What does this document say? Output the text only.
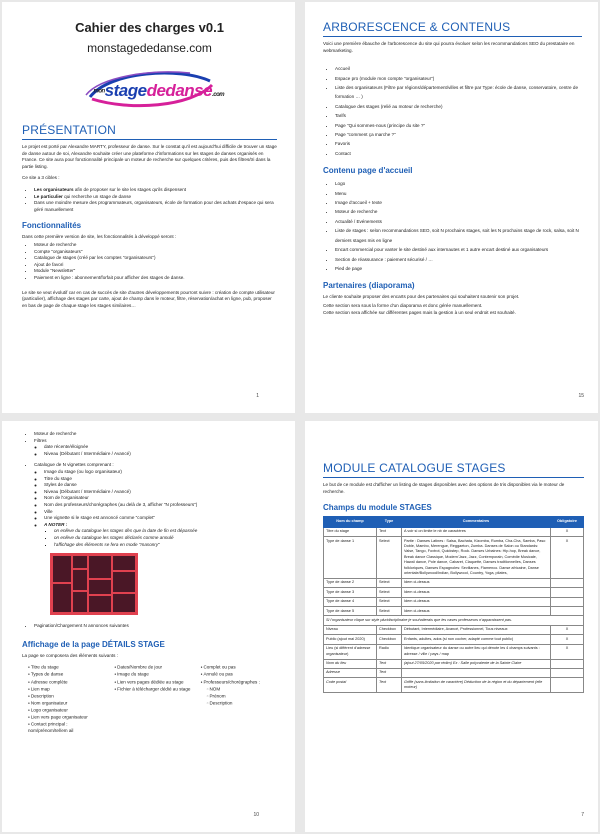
Cahier des charges v0.1
monstagededanse.com
monstagededanse.com
PRÉSENTATION

Le projet est porté par Alexandre MARTY, professeur de danse. Sur le constat qu'il est aujourd'hui difficile de trouver un stage de danse autour de soi, Alexandre souhaite créer une plateforme d'informations sur les stages de danses organisés en France. Ce site aura pour fonctionnalité principale un moteur de recherche sur quelques critères, puis des filtres/tri dans la partie listing.

Ce site a 3 cibles :

• Les organisateurs afin de proposer sur le site les stages qu'ils dispensent
• Le particulier qui recherche un stage de danse
• Dans une moindre mesure des programmateurs, organisateurs, école de formation pour des achats d'espace qui sera géré manuellement
Fonctionnalités

Dans cette première version de site, les fonctionnalités à développé seront :

• Moteur de recherche
• Compte "organisateurs"
• Catalogue de stages (créé par les comptes "organisateurs")
• Ajout de favori
• Module "Newsletter"
• Paiement en ligne : abonnement/forfait pour afficher des stages de danse.

Le site se veut évolutif car en cas de succès de site d'autres développements pourront suivre : création de compte utilisateur (particulier), affichage des stages par carte, ajout de champ dans le moteur, filtre, réservation/achat en ligne, pub, proposer en bas de page de chaque stage les stages similaires…

1
ARBORESCENCE & CONTENUS

Voici une première ébauche de l'arborescence du site qui pourra évoluer selon les recommandations SEO du prestataire en webmarketing.

• Accueil
• Espace pro (module mon compte "organisateur")
• Liste des organisateurs (Filtre par régions/département/villes et filtre par Type: école de danse, conservatoire, centre de formation … )
• Catalogue des stages (relié au moteur de recherche)
• Tarifs
• Page "Qui sommes-nous (principe du site ?"
• Page "comment ça marche ?"
• Favoris
• Contact
Contenu page d'accueil
• Logo
• Menu
• Image d'accueil + texte
• Moteur de recherche
• Actualité / Evénements
• Liste de stages : selon recommandations SEO, soit N prochains stages, soit les N prochains stage de rock, salsa, soit N derniers stages mis en ligne
• Encart commercial pour vanter le site destiné aux internautes et 1 autre encart destiné aux organisateurs
• Section de réassurance : paiement sécurisé / …
• Pied de page
Partenaires (diaporama)

Le cliente souhaite proposer des encarts pour des partenaires qui souhaitent soutenir son projet.

Cette section sera sous la forme d'un diaporama et donc gérée manuellement.

Cette section sera affichée sur différentes pages mais la gestion à un seul endroit est souhaité.

15
• Moteur de recherche
• Filtres
◦ date récente/éloignée
◦ Niveau (Débutant / Intermédiaire / Avancé)
• Catalogue de N vignettes comprenant :
◦ Image du stage (ou logo organisateur)
◦ Titre du stage
◦ Styles de danse
◦ Niveau (Débutant / Intermédiaire / Avancé)
◦ Nom de l'organisateur
◦ Nom des professeurs/chorégraphes (au delà de 3, afficher "N professeurs")
◦ Ville
◦ Une vignette si le stage est annoncé comme "complet"
◦ A NOTER :
▪ on enlève du catalogue les stages dès que la date de fin est dépassée
▪ on enlève du catalogue les stages déclarés comme annulé
▪ l'affichage des éléments se fera en mode "masonry"
• Pagination/Chargement N annonces suivantes
Affichage de la page DÉTAILS STAGE

La page se composera des éléments suivants :

● Titre du stage
● Types de danse
● Adresse complète
● Lien map
● Description
● Nom organisateur
● Logo organisateur
● Lien vers page organisateur
● Contact principal : nom/prénom/tel/em ail
● Dates/Nombre de jour
● Image du stage
● Lien vers pages dédiée au stage
● Fichier à télécharger dédié au stage
● Complet ou pas
● Annulé ou pas
● Professeurs/chorégraphes :
○ NOM
○ Prénom
○ Description
10
MODULE CATALOGUE STAGES

Le but de ce module est d'afficher un listing de stages disponibles avec des options de tris disponibles via le moteur de recherche.

Champs du module STAGES
Nom du champ	Type	Commentaires	Obligatoire
Titre du stage	Text	A voir si on limite le nb de caractères	X
Type de danse 1	Select	Partie : Danses Latines : Salsa, Bachata, Kizomba, Rumba, Cha-Cha, Samba, Paso Doble, Mambo, Merengue, Reggaeton, Zumba. Danses de Salon ou Standards: Valse, Tango, Foxtrot, Quickstep, Rock. Danses Urbaines: Hip-hop, Break dance, Break dance Classique, Modern'Jazz, Jazz, Contemporain, Comédie Musicale, Hawaï dance, Pole dance, Cabaret, Claquette, Danses traditionnelles, Danses folkloriques, Danses Espagnoles: Sevillanes, Flamenco. Danse africaine, Danse orientale/Bollywood/Indian, Bollywood, Country, Yoga, pilates,	X
Type de danse 2	Select	Idem ci-dessus	
Type de danse 3	Select	Idem ci-dessus	
Type de danse 4	Select	Idem ci-dessus	
Type de danse 5	Select	Idem ci-dessus	
Si l'organisateur clique sur style pluridisciplinaire je souhaiterais que les cases professeurs n'apparaissent pas.			
Niveau	Checkbox	Débutant, Intermédiaire, Avancé, Professionnel, Tous niveaux	X
Public (ajout mai 2020)	Checkbox	Enfants, adultes, ados (si non cocher, adapté comme tout public)	X
Lieu (si différent d'adresse organisateur)	Radio	Identique organisateur du danse ou autre lieu qui dénote les 4 champs suivants : adresse / ville / pays / map	X
Nom du lieu	Text	(ajout 27/05/2020 par rédim) Ex : Salle polyvalente de la Sainte Claire	
Adresse	Text		
Code postal	Text	Griffe (sans limitation de caractère) Déduction de la région et du département (elle moteur)	
7
